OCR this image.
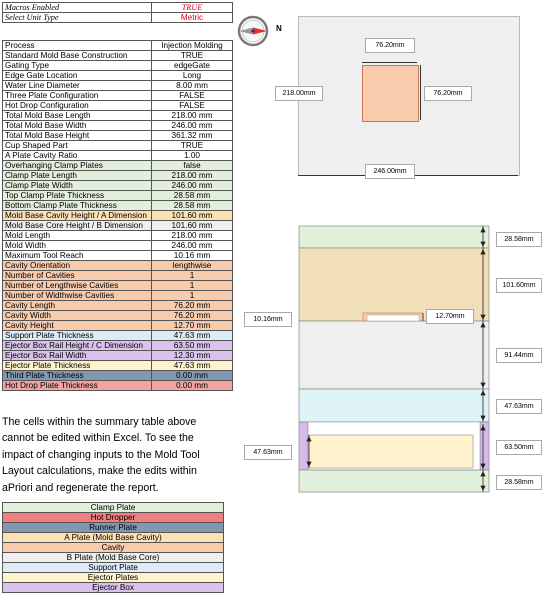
Macros Enabled	TRUE
Select Unit Type	Metric
Process	Injection Molding
Standard Mold Base Construction	TRUE
Gating Type	edgeGate
Edge Gate Location	Long
Water Line Diameter	8.00 mm
Three Plate Configuration	FALSE
Hot Drop Configuration	FALSE
Total Mold Base Length	218.00 mm
Total Mold Base Width	246.00 mm
Total Mold Base Height	361.32 mm
Cup Shaped Part	TRUE
A Plate Cavity Ratio	1.00
Overhanging Clamp Plates	false
Clamp Plate Length	218.00 mm
Clamp Plate Width	246.00 mm
Top Clamp Plate Thickness	28.58 mm
Bottom Clamp Plate Thickness	28.58 mm
Mold Base Cavity Height / A Dimension	101.60 mm
Mold Base Core Height / B Dimension	101.60 mm
Mold Length	218.00 mm
Mold Width	246.00 mm
Maximum Tool Reach	10.16 mm
Cavity Orientation	lengthwise
Number of Cavities	1
Number of Lengthwise Cavities	1
Number of Widthwise Cavities	1
Cavity Length	76.20 mm
Cavity Width	76.20 mm
Cavity Height	12.70 mm
Support Plate Thickness	47.63 mm
Ejector Box Rail Height / C Dimension	63.50 mm
Ejector Box Rail Width	12.30 mm
Ejector Plate Thickness	47.63 mm
Third Plate Thickness	0.00 mm
Hot Drop Plate Thickness	0.00 mm
The cells within the summary table above
cannot be edited within Excel. To see the
impact of changing inputs to the Mold Tool
Layout calculations, make the edits within
aPriori and regenerate the report.
Clamp Plate
Hot Dropper
Runner Plate
A Plate (Mold Base Cavity)
Cavity
B Plate (Mold Base Core)
Support Plate
Ejector Plates
Ejector Box
N
76.20mm
76.20mm
218.00mm
246.00mm
28.58mm
101.60mm
10.16mm	12.70mm
91.44mm
47.63mm
47.63mm
63.50mm
28.58mm
